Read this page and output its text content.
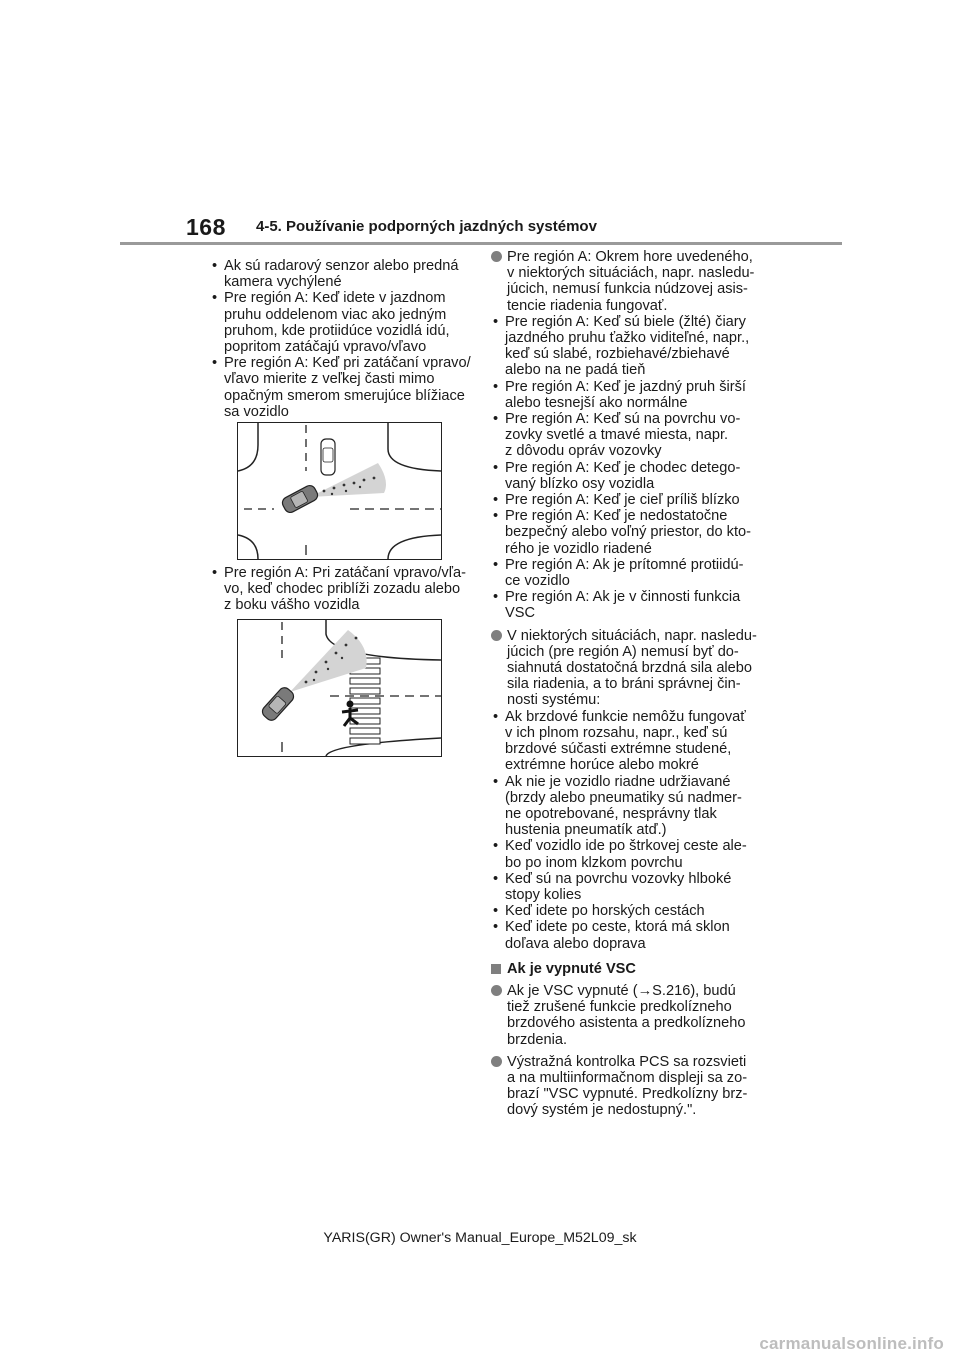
168 4-5. Používanie podporných jazdných systémov
• Ak sú radarový senzor alebo predná
kamera vychýlené
• Pre región A: Keď idete v jazdnom
pruhu oddelenom viac ako jedným
pruhom, kde protiidúce vozidlá idú,
popritom zatáčajú vpravo/vľavo
• Pre región A: Keď pri zatáčaní vpravo/
vľavo mierite z veľkej časti mimo
opačným smerom smerujúce blížiace
sa vozidlo
• Pre región A: Pri zatáčaní vpravo/vľa-
vo, keď chodec priblíži zozadu alebo
z boku vášho vozidla
Pre región A: Okrem hore uvedeného,
v niektorých situáciách, napr. nasledu-
júcich, nemusí funkcia núdzovej asis-
tencie riadenia fungovať.
• Pre región A: Keď sú biele (žlté) čiary
jazdného pruhu ťažko viditeľné, napr.,
keď sú slabé, rozbiehavé/zbiehavé
alebo na ne padá tieň
• Pre región A: Keď je jazdný pruh širší
alebo tesnejší ako normálne
• Pre región A: Keď sú na povrchu vo-
zovky svetlé a tmavé miesta, napr.
z dôvodu opráv vozovky
• Pre región A: Keď je chodec detego-
vaný blízko osy vozidla
• Pre región A: Keď je cieľ príliš blízko
• Pre región A: Keď je nedostatočne
bezpečný alebo voľný priestor, do kto-
rého je vozidlo riadené
• Pre región A: Ak je prítomné protiidú-
ce vozidlo
• Pre región A: Ak je v činnosti funkcia
VSC
V niektorých situáciách, napr. nasledu-
júcich (pre región A) nemusí byť do-
siahnutá dostatočná brzdná sila alebo
sila riadenia, a to bráni správnej čin-
nosti systému:
• Ak brzdové funkcie nemôžu fungovať
v ich plnom rozsahu, napr., keď sú
brzdové súčasti extrémne studené,
extrémne horúce alebo mokré
• Ak nie je vozidlo riadne udržiavané
(brzdy alebo pneumatiky sú nadmer-
ne opotrebované, nesprávny tlak
hustenia pneumatík atď.)
• Keď vozidlo ide po štrkovej ceste ale-
bo po inom klzkom povrchu
• Keď sú na povrchu vozovky hlboké
stopy kolies
• Keď idete po horských cestách
• Keď idete po ceste, ktorá má sklon
doľava alebo doprava
Ak je vypnuté VSC
Ak je VSC vypnuté (→S.216), budú
tiež zrušené funkcie predkolízneho
brzdového asistenta a predkolízneho
brzdenia.
Výstražná kontrolka PCS sa rozsvieti
a na multiinformačnom displeji sa zo-
brazí "VSC vypnuté. Predkolízny brz-
dový systém je nedostupný.".
YARIS(GR) Owner's Manual_Europe_M52L09_sk
carmanualsonline.info
